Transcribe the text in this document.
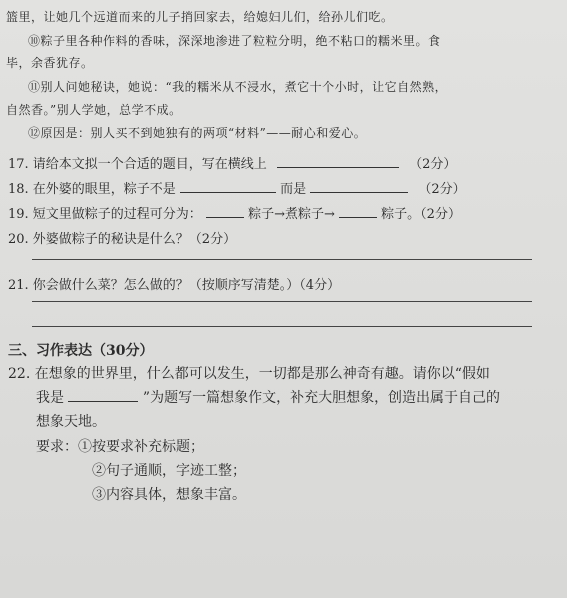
篮里，让她几个远道而来的儿子捎回家去，给媳妇儿们，给孙儿们吃。
⑩粽子里各种作料的香味，深深地渗进了粒粒分明，绝不粘口的糯米里。食
毕，余香犹存。
⑪别人问她秘诀，她说：“我的糯米从不浸水，煮它十个小时，让它自然熟，
自然香。”别人学她，总学不成。
⑫原因是：别人买不到她独有的两项“材料”——耐心和爱心。
17. 请给本文拟一个合适的题目，写在横线上	（2分）
18. 在外婆的眼里，粽子不是	而是	（2分）
19. 短文里做粽子的过程可分为：	粽子→煮粽子→	粽子。（2分）
20. 外婆做粽子的秘诀是什么？（2分）
21. 你会做什么菜？怎么做的？（按顺序写清楚。）（4分）
三、习作表达（30分）
22. 在想象的世界里，什么都可以发生，一切都是那么神奇有趣。请你以“假如
我是	”为题写一篇想象作文，补充大胆想象，创造出属于自己的
想象天地。
要求：①按要求补充标题；
②句子通顺，字迹工整；
③内容具体，想象丰富。
